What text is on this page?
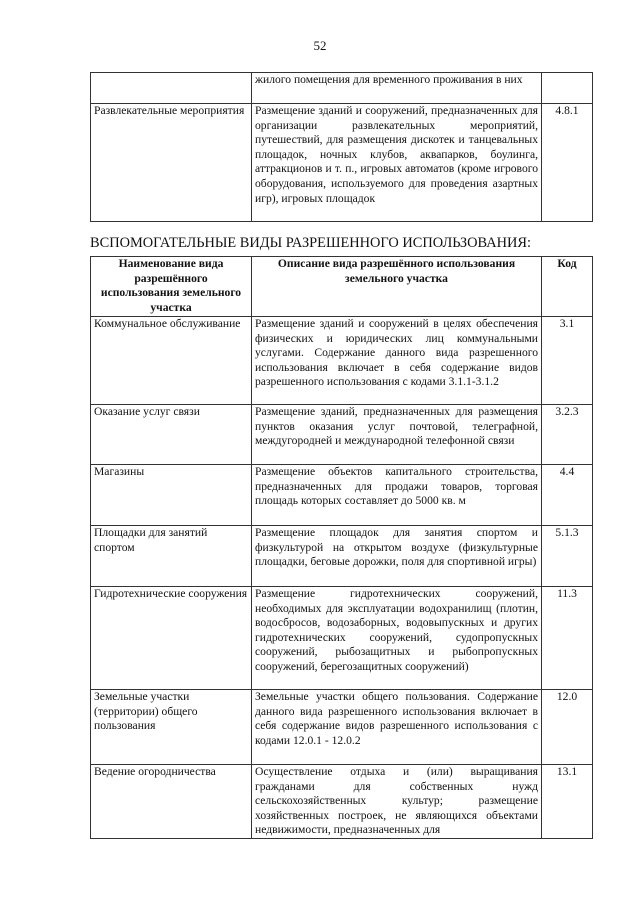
52
	жилого помещения для временного проживания в них	
Развлекательные мероприятия	Размещение зданий и сооружений, предназначенных для организации развлекательных мероприятий, путешествий, для размещения дискотек и танцевальных площадок, ночных клубов, аквапарков, боулинга, аттракционов и т. п., игровых автоматов (кроме игрового оборудования, используемого для проведения азартных игр), игровых площадок	4.8.1
ВСПОМОГАТЕЛЬНЫЕ ВИДЫ РАЗРЕШЕННОГО ИСПОЛЬЗОВАНИЯ:
Наименование вида разрешённого использования земельного участка	Описание вида разрешённого использования земельного участка	Код
Коммунальное обслуживание	Размещение зданий и сооружений в целях обеспечения физических и юридических лиц коммунальными услугами. Содержание данного вида разрешенного использования включает в себя содержание видов разрешенного использования с кодами 3.1.1-3.1.2	3.1
Оказание услуг связи	Размещение зданий, предназначенных для размещения пунктов оказания услуг почтовой, телеграфной, междугородней и международной телефонной связи	3.2.3
Магазины	Размещение объектов капитального строительства, предназначенных для продажи товаров, торговая площадь которых составляет до 5000 кв. м	4.4
Площадки для занятий спортом	Размещение площадок для занятия спортом и физкультурой на открытом воздухе (физкультурные площадки, беговые дорожки, поля для спортивной игры)	5.1.3
Гидротехнические сооружения	Размещение гидротехнических сооружений, необходимых для эксплуатации водохранилищ (плотин, водосбросов, водозаборных, водовыпускных и других гидротехнических сооружений, судопропускных сооружений, рыбозащитных и рыбопропускных сооружений, берегозащитных сооружений)	11.3
Земельные участки (территории) общего пользования	Земельные участки общего пользования. Содержание данного вида разрешенного использования включает в себя содержание видов разрешенного использования с кодами 12.0.1 - 12.0.2	12.0
Ведение огородничества	Осуществление отдыха и (или) выращивания гражданами для собственных нужд сельскохозяйственных культур; размещение хозяйственных построек, не являющихся объектами недвижимости, предназначенных для	13.1
